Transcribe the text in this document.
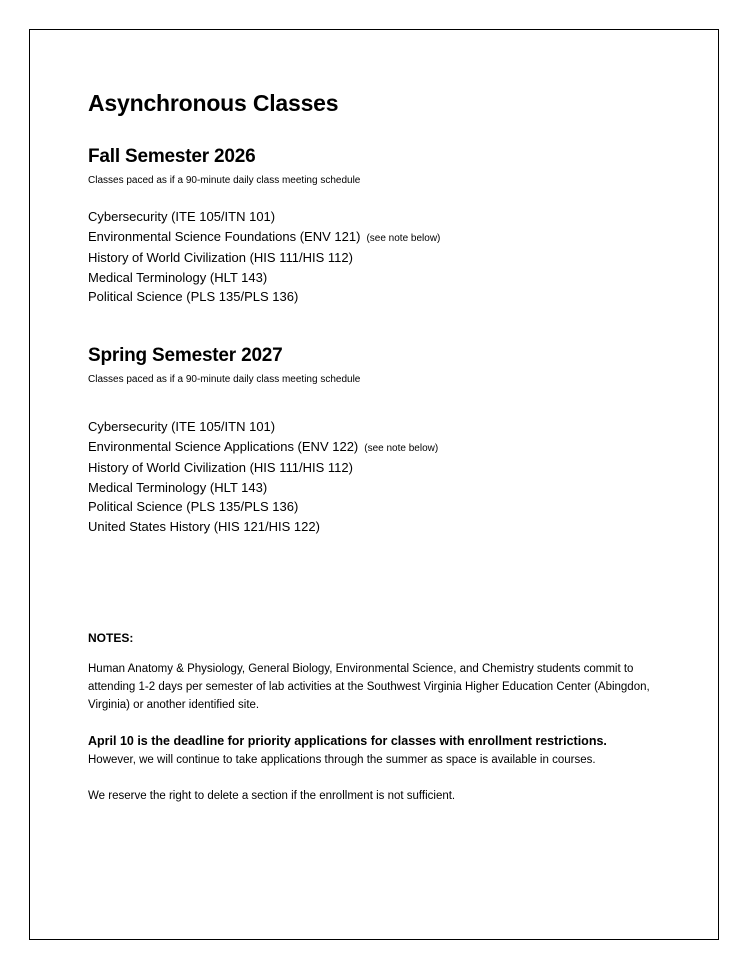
Asynchronous Classes
Fall Semester 2026
Classes paced as if a 90-minute daily class meeting schedule
Cybersecurity (ITE 105/ITN 101)
Environmental Science Foundations (ENV 121) (see note below)
History of World Civilization (HIS 111/HIS 112)
Medical Terminology (HLT 143)
Political Science (PLS 135/PLS 136)
Spring Semester 2027
Classes paced as if a 90-minute daily class meeting schedule
Cybersecurity (ITE 105/ITN 101)
Environmental Science Applications (ENV 122) (see note below)
History of World Civilization (HIS 111/HIS 112)
Medical Terminology (HLT 143)
Political Science (PLS 135/PLS 136)
United States History (HIS 121/HIS 122)
NOTES:

Human Anatomy & Physiology, General Biology, Environmental Science, and Chemistry students commit to attending 1-2 days per semester of lab activities at the Southwest Virginia Higher Education Center (Abingdon, Virginia) or another identified site.

April 10 is the deadline for priority applications for classes with enrollment restrictions.
However, we will continue to take applications through the summer as space is available in courses.

We reserve the right to delete a section if the enrollment is not sufficient.
